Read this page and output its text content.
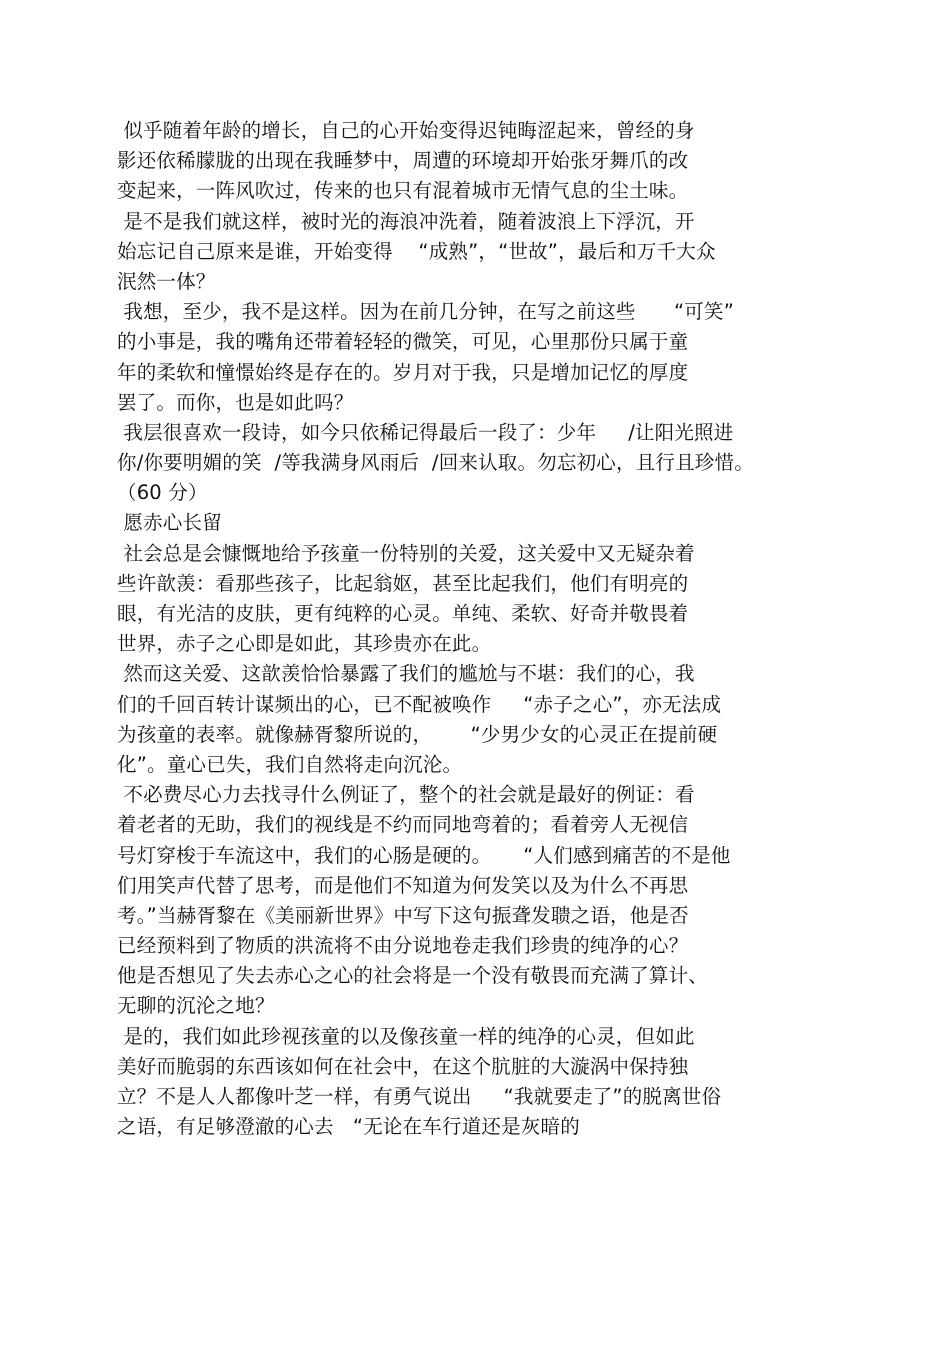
似乎随着年龄的增长，自己的心开始变得迟钝晦涩起来，曾经的身
影还依稀朦胧的出现在我睡梦中，周遭的环境却开始张牙舞爪的改
变起来，一阵风吹过，传来的也只有混着城市无情气息的尘土味。
是不是我们就这样，被时光的海浪冲洗着，随着波浪上下浮沉，开
始忘记自己原来是谁，开始变得    “成熟”，“世故”，最后和万千大众
泯然一体？
我想，至少，我不是这样。因为在前几分钟，在写之前这些      “可笑”
的小事是，我的嘴角还带着轻轻的微笑，可见，心里那份只属于童
年的柔软和憧憬始终是存在的。岁月对于我，只是增加记忆的厚度
罢了。而你，也是如此吗？
我层很喜欢一段诗，如今只依稀记得最后一段了：少年     /让阳光照进
你/你要明媚的笑  /等我满身风雨后  /回来认取。勿忘初心，且行且珍惜。
（60 分）
愿赤心长留
社会总是会慷慨地给予孩童一份特别的关爱，这关爱中又无疑杂着
些许歆羡：看那些孩子，比起翁妪，甚至比起我们，他们有明亮的
眼，有光洁的皮肤，更有纯粹的心灵。单纯、柔软、好奇并敬畏着
世界，赤子之心即是如此，其珍贵亦在此。
然而这关爱、这歆羡恰恰暴露了我们的尴尬与不堪：我们的心，我
们的千回百转计谋频出的心，已不配被唤作     “赤子之心”，亦无法成
为孩童的表率。就像赫胥黎所说的，      “少男少女的心灵正在提前硬
化”。童心已失，我们自然将走向沉沦。
不必费尽心力去找寻什么例证了，整个的社会就是最好的例证：看
着老者的无助，我们的视线是不约而同地弯着的；看着旁人无视信
号灯穿梭于车流这中，我们的心肠是硬的。     “人们感到痛苦的不是他
们用笑声代替了思考，而是他们不知道为何发笑以及为什么不再思
考。”当赫胥黎在《美丽新世界》中写下这句振聋发聩之语，他是否
已经预料到了物质的洪流将不由分说地卷走我们珍贵的纯净的心？
他是否想见了失去赤心之心的社会将是一个没有敬畏而充满了算计、
无聊的沉沦之地？
是的，我们如此珍视孩童的以及像孩童一样的纯净的心灵，但如此
美好而脆弱的东西该如何在社会中，在这个肮脏的大漩涡中保持独
立？不是人人都像叶芝一样，有勇气说出     “我就要走了”的脱离世俗
之语，有足够澄澈的心去   “无论在车行道还是灰暗的
